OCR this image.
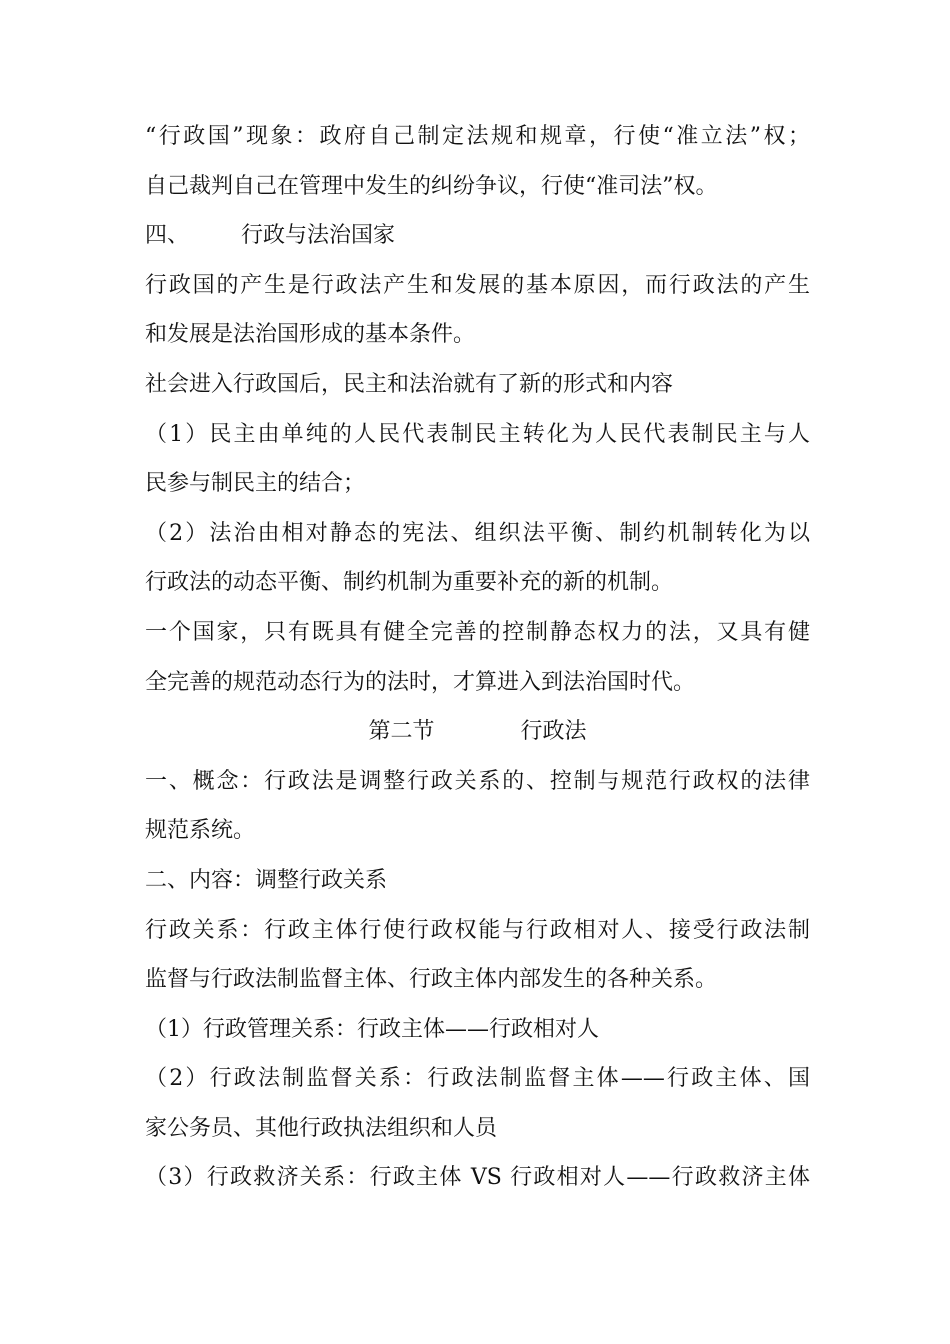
“行政国”现象：政府自己制定法规和规章，行使“准立法”权；
自己裁判自己在管理中发生的纠纷争议，行使“准司法”权。
四、 行政与法治国家
行政国的产生是行政法产生和发展的基本原因，而行政法的产生
和发展是法治国形成的基本条件。
社会进入行政国后，民主和法治就有了新的形式和内容
（1）民主由单纯的人民代表制民主转化为人民代表制民主与人
民参与制民主的结合；
（2）法治由相对静态的宪法、组织法平衡、制约机制转化为以
行政法的动态平衡、制约机制为重要补充的新的机制。
一个国家，只有既具有健全完善的控制静态权力的法，又具有健
全完善的规范动态行为的法时，才算进入到法治国时代。
第二节	行政法
一、概念：行政法是调整行政关系的、控制与规范行政权的法律
规范系统。
二、内容：调整行政关系
行政关系：行政主体行使行政权能与行政相对人、接受行政法制
监督与行政法制监督主体、行政主体内部发生的各种关系。
（1）行政管理关系：行政主体——行政相对人
（2）行政法制监督关系：行政法制监督主体——行政主体、国
家公务员、其他行政执法组织和人员
（3）行政救济关系：行政主体 VS 行政相对人——行政救济主体
